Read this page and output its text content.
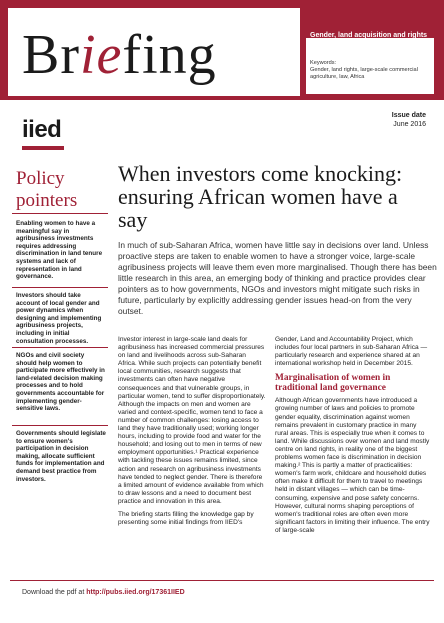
Briefing	Gender, land acquisition and rights
Keywords:
Gender, land rights, large-scale commercial agriculture, law, Africa
iied
Issue date
June 2016
Policy pointers
Enabling women to have a meaningful say in agribusiness investments requires addressing discrimination in land tenure systems and lack of representation in land governance.
Investors should take account of local gender and power dynamics when designing and implementing agribusiness projects, including in initial consultation processes.
NGOs and civil society should help women to participate more effectively in land-related decision making processes and to hold governments accountable for implementing gender-sensitive laws.
Governments should legislate to ensure women's participation in decision making, allocate sufficient funds for implementation and demand best practice from investors.
When investors come knocking: ensuring African women have a say
In much of sub-Saharan Africa, women have little say in decisions over land. Unless proactive steps are taken to enable women to have a stronger voice, large-scale agribusiness projects will leave them even more marginalised. Though there has been little research in this area, an emerging body of thinking and practice provides clear pointers as to how governments, NGOs and investors might mitigate such risks in future, particularly by explicitly addressing gender issues head-on from the very outset.

Investor interest in large-scale land deals for agribusiness has increased commercial pressures on land and livelihoods across sub-Saharan Africa. While such projects can potentially benefit local communities, research suggests that investments can often have negative consequences and that vulnerable groups, in particular women, tend to suffer disproportionately. Although the impacts on men and women are varied and context-specific, women tend to face a number of common challenges: losing access to land they have traditionally used; working longer hours, including to provide food and water for the household; and losing out to men in terms of new employment opportunities.¹ Practical experience with tackling these issues remains limited, since action and research on agribusiness investments have tended to neglect gender. There is therefore a limited amount of evidence available from which to draw lessons and a need to document best practice and innovation in this area.

The briefing starts filling the knowledge gap by presenting some initial findings from IIED's

Gender, Land and Accountability Project, which includes four local partners in sub-Saharan Africa — particularly research and experience shared at an international workshop held in December 2015.

Marginalisation of women in traditional land governance

Although African governments have introduced a growing number of laws and policies to promote gender equality, discrimination against women remains prevalent in customary practice in many rural areas. This is especially true when it comes to land. While discussions over women and land mostly centre on land rights, in reality one of the biggest problems women face is discrimination in decision making.² This is partly a matter of practicalities: women's farm work, childcare and household duties often make it difficult for them to travel to meetings held in distant villages — which can be time-consuming, expensive and pose safety concerns. However, cultural norms shaping perceptions of women's traditional roles are often even more significant factors in limiting their influence. The entry of large-scale

Download the pdf at http://pubs.iied.org/17361IIED
